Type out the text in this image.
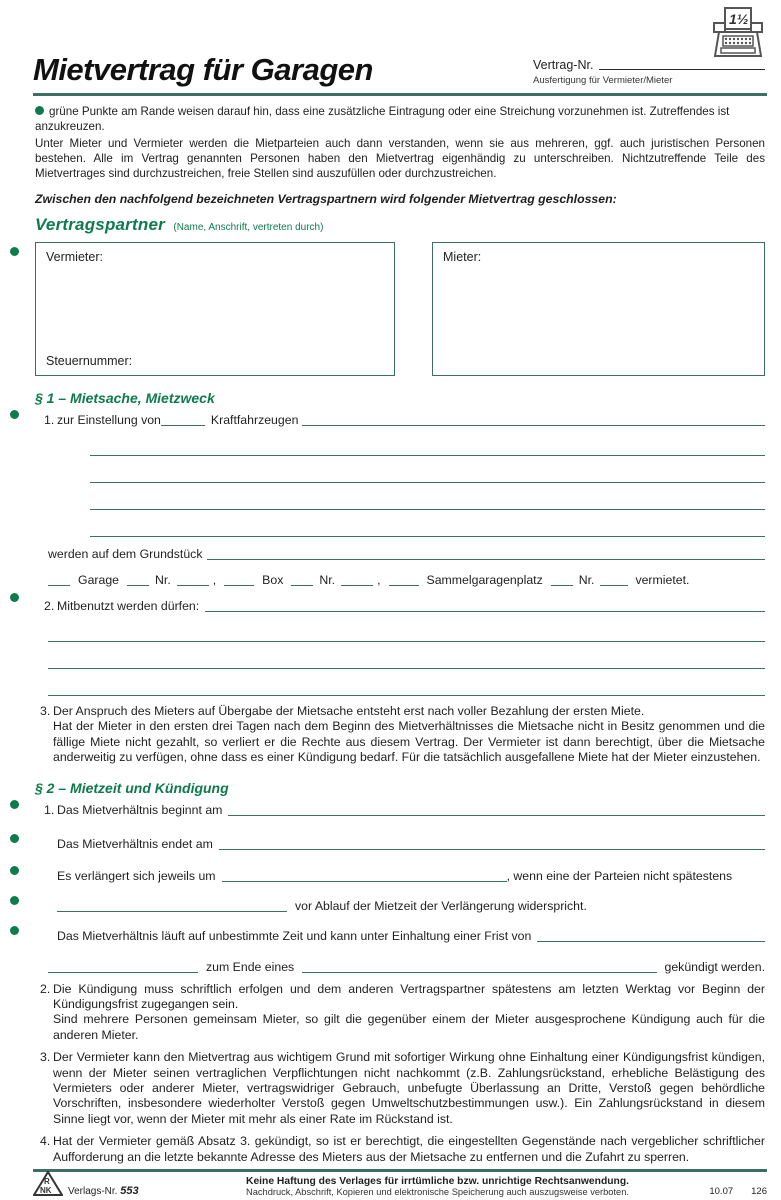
1½
Mietvertrag für Garagen	Vertrag-Nr.
Ausfertigung für Vermieter/Mieter
grüne Punkte am Rande weisen darauf hin, dass eine zusätzliche Eintragung oder eine Streichung vorzunehmen ist. Zutreffendes ist anzukreuzen.
Unter Mieter und Vermieter werden die Mietparteien auch dann verstanden, wenn sie aus mehreren, ggf. auch juristischen Personen bestehen. Alle im Vertrag genannten Personen haben den Mietvertrag eigenhändig zu unterschreiben. Nichtzutreffende Teile des Mietvertrages sind durchzustreichen, freie Stellen sind auszufüllen oder durchzustreichen.
Zwischen den nachfolgend bezeichneten Vertragspartnern wird folgender Mietvertrag geschlossen:
Vertragspartner (Name, Anschrift, vertreten durch)
Vermieter:
Steuernummer:
Mieter:
§ 1 – Mietsache, Mietzweck
1. zur Einstellung von	Kraftfahrzeugen
werden auf dem Grundstück
Garage	Nr.	,	Box	Nr.	,	Sammelgaragenplatz	Nr.	vermietet.
2. Mitbenutzt werden dürfen:
3. Der Anspruch des Mieters auf Übergabe der Mietsache entsteht erst nach voller Bezahlung der ersten Miete.
Hat der Mieter in den ersten drei Tagen nach dem Beginn des Mietverhältnisses die Mietsache nicht in Besitz genommen und die fällige Miete nicht gezahlt, so verliert er die Rechte aus diesem Vertrag. Der Vermieter ist dann berechtigt, über die Mietsache anderweitig zu verfügen, ohne dass es einer Kündigung bedarf. Für die tatsächlich ausgefallene Miete hat der Mieter einzustehen.
§ 2 – Mietzeit und Kündigung
1. Das Mietverhältnis beginnt am
Das Mietverhältnis endet am
Es verlängert sich jeweils um	, wenn eine der Parteien nicht spätestens
vor Ablauf der Mietzeit der Verlängerung widerspricht.
Das Mietverhältnis läuft auf unbestimmte Zeit und kann unter Einhaltung einer Frist von
zum Ende eines	gekündigt werden.
2. Die Kündigung muss schriftlich erfolgen und dem anderen Vertragspartner spätestens am letzten Werktag vor Beginn der Kündigungsfrist zugegangen sein.
Sind mehrere Personen gemeinsam Mieter, so gilt die gegenüber einem der Mieter ausgesprochene Kündigung auch für die anderen Mieter.
3. Der Vermieter kann den Mietvertrag aus wichtigem Grund mit sofortiger Wirkung ohne Einhaltung einer Kündigungsfrist kündigen, wenn der Mieter seinen vertraglichen Verpflichtungen nicht nachkommt (z.B. Zahlungsrückstand, erhebliche Belästigung des Vermieters oder anderer Mieter, vertragswidriger Gebrauch, unbefugte Überlassung an Dritte, Verstoß gegen behördliche Vorschriften, insbesondere wiederholter Verstoß gegen Umweltschutzbestimmungen usw.). Ein Zahlungsrückstand in diesem Sinne liegt vor, wenn der Mieter mit mehr als einer Rate im Rückstand ist.
4. Hat der Vermieter gemäß Absatz 3. gekündigt, so ist er berechtigt, die eingestellten Gegenstände nach vergeblicher schriftlicher Aufforderung an die letzte bekannte Adresse des Mieters aus der Mietsache zu entfernen und die Zufahrt zu sperren.
R
NK Verlags-Nr. 553
Keine Haftung des Verlages für irrtümliche bzw. unrichtige Rechtsanwendung.
Nachdruck, Abschrift, Kopieren und elektronische Speicherung auch auszugsweise verboten.	10.07 126
